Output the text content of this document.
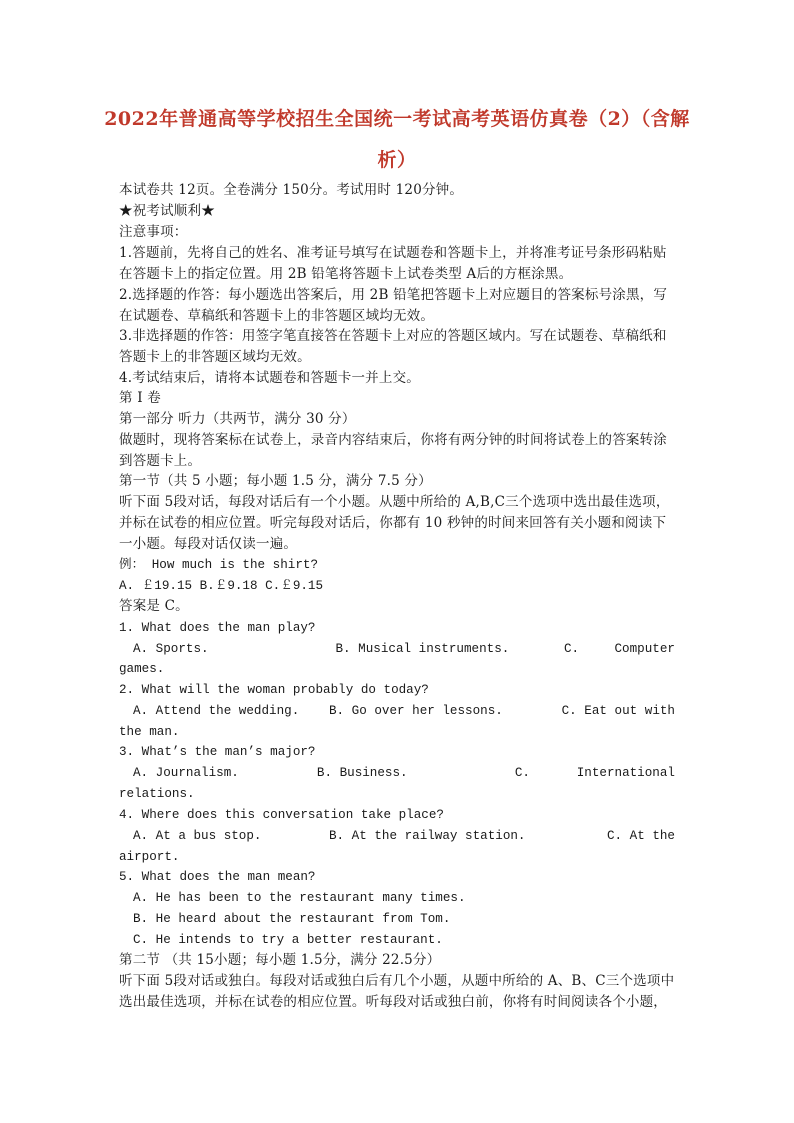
2022年普通高等学校招生全国统一考试高考英语仿真卷（2）（含解
析）
本试卷共 12页。全卷满分 150分。考试用时 120分钟。
★祝考试顺利★
注意事项：
1.答题前，先将自己的姓名、准考证号填写在试题卷和答题卡上，并将准考证号条形码粘贴
在答题卡上的指定位置。用 2B 铅笔将答题卡上试卷类型 A后的方框涂黑。
2.选择题的作答：每小题选出答案后，用 2B 铅笔把答题卡上对应题目的答案标号涂黑，写
在试题卷、草稿纸和答题卡上的非答题区域均无效。
3.非选择题的作答：用签字笔直接答在答题卡上对应的答题区域内。写在试题卷、草稿纸和
答题卡上的非答题区域均无效。
4.考试结束后，请将本试题卷和答题卡一并上交。
第 I 卷
第一部分 听力（共两节，满分 30 分）
做题时，现将答案标在试卷上，录音内容结束后，你将有两分钟的时间将试卷上的答案转涂
到答题卡上。
第一节（共 5 小题；每小题 1.5 分，满分 7.5 分）
听下面 5段对话，每段对话后有一个小题。从题中所给的 A,B,C三个选项中选出最佳选项，
并标在试卷的相应位置。听完每段对话后，你都有 10 秒钟的时间来回答有关小题和阅读下
一小题。每段对话仅读一遍。
例： How much is the shirt?
A. ￡19.15 B.￡9.18 C.￡9.15
答案是 C。
1. What does the man play?
A. Sports.	B. Musical instruments.	C.	Computer
games.
2. What will the woman probably do today?
A. Attend the wedding.	B. Go over her lessons.	C. Eat out with
the man.
3. What’s the man’s major?
A. Journalism.	B. Business.	C.	International
relations.
4. Where does this conversation take place?
A. At a bus stop.	B. At the railway station.	C. At the
airport.
5. What does the man mean?
A. He has been to the restaurant many times.
B. He heard about the restaurant from Tom.
C. He intends to try a better restaurant.
第二节 （共 15小题；每小题 1.5分，满分 22.5分）
听下面 5段对话或独白。每段对话或独白后有几个小题，从题中所给的 A、B、C三个选项中
选出最佳选项，并标在试卷的相应位置。听每段对话或独白前，你将有时间阅读各个小题，
